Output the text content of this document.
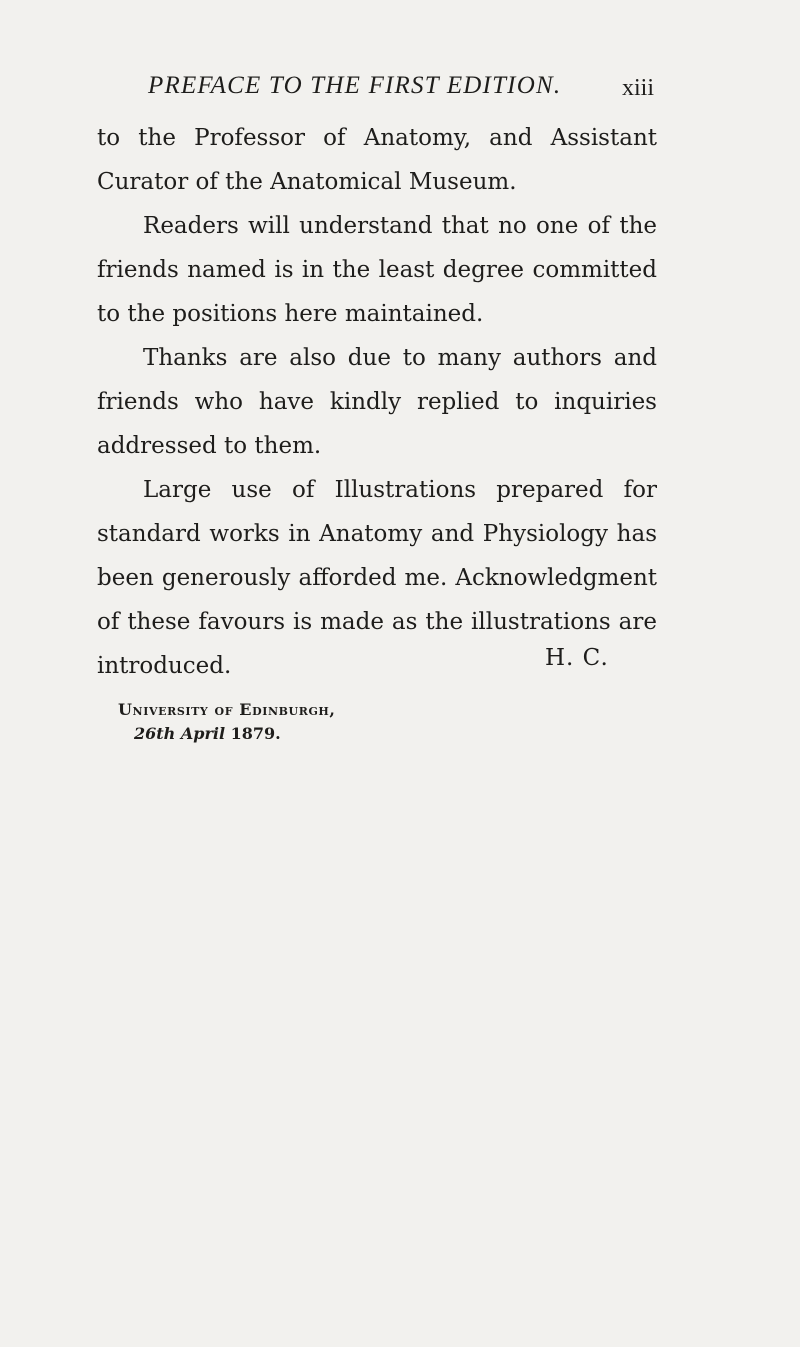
PREFACE TO THE FIRST EDITION.	xiii

to the Professor of Anatomy, and Assistant Curator of the Anatomical Museum.

Readers will understand that no one of the friends named is in the least degree committed to the positions here maintained.

Thanks are also due to many authors and friends who have kindly replied to inquiries addressed to them.

Large use of Illustrations prepared for standard works in Anatomy and Physiology has been generously afforded me. Acknowledgment of these favours is made as the illustrations are introduced.	H. C.
University of Edinburgh,
26th April 1879.
